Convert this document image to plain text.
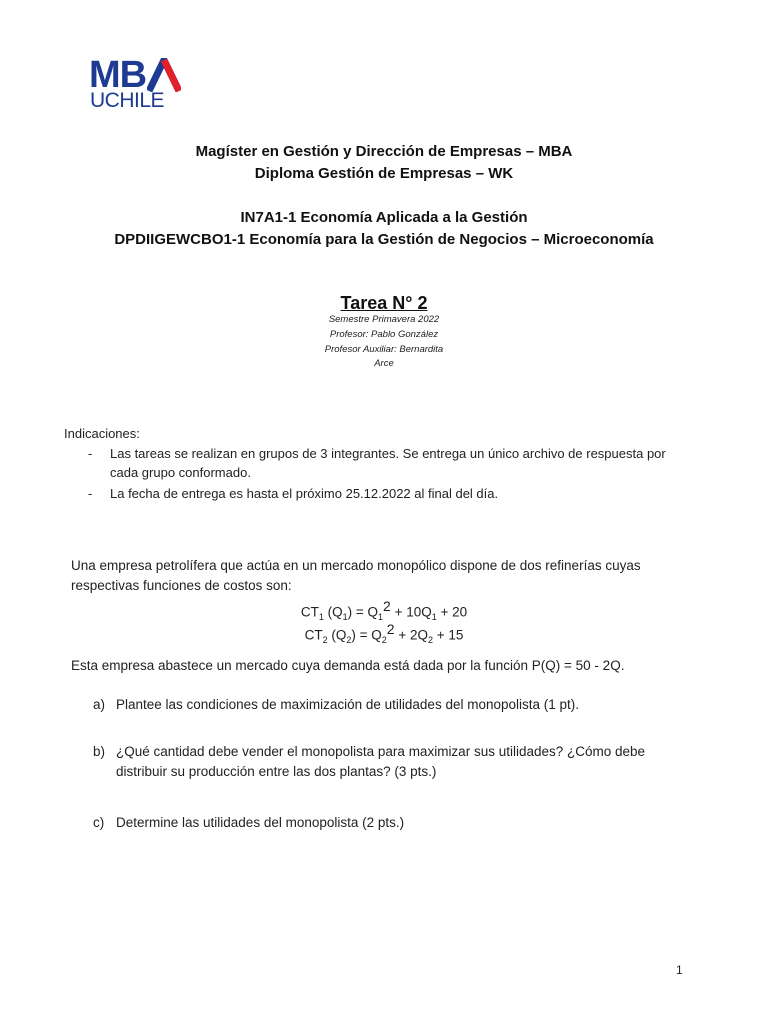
MB
UCHILE
Magíster en Gestión y Dirección de Empresas – MBA
Diploma Gestión de Empresas – WK
IN7A1-1 Economía Aplicada a la Gestión
DPDIIGEWCBO1-1 Economía para la Gestión de Negocios – Microeconomía
Tarea N° 2
Semestre Primavera 2022
Profesor: Pablo González
Profesor Auxiliar: Bernardita
Arce
Indicaciones:
- Las tareas se realizan en grupos de 3 integrantes. Se entrega un único archivo de respuesta por cada grupo conformado.
- La fecha de entrega es hasta el próximo 25.12.2022 al final del día.
Una empresa petrolífera que actúa en un mercado monopólico dispone de dos refinerías cuyas
respectivas funciones de costos son:
$CT_1$ $(Q_1) = Q_1^2 + 10Q_1 + 20$
$CT_2$ $(Q_2) = Q_2^2 + 2Q_2 + 15$
Esta empresa abastece un mercado cuya demanda está dada por la función P(Q) = 50 - 2Q.
a) Plantee las condiciones de maximización de utilidades del monopolista (1 pt).
b) ¿Qué cantidad debe vender el monopolista para maximizar sus utilidades? ¿Cómo debe
distribuir su producción entre las dos plantas? (3 pts.)
c) Determine las utilidades del monopolista (2 pts.)
1
